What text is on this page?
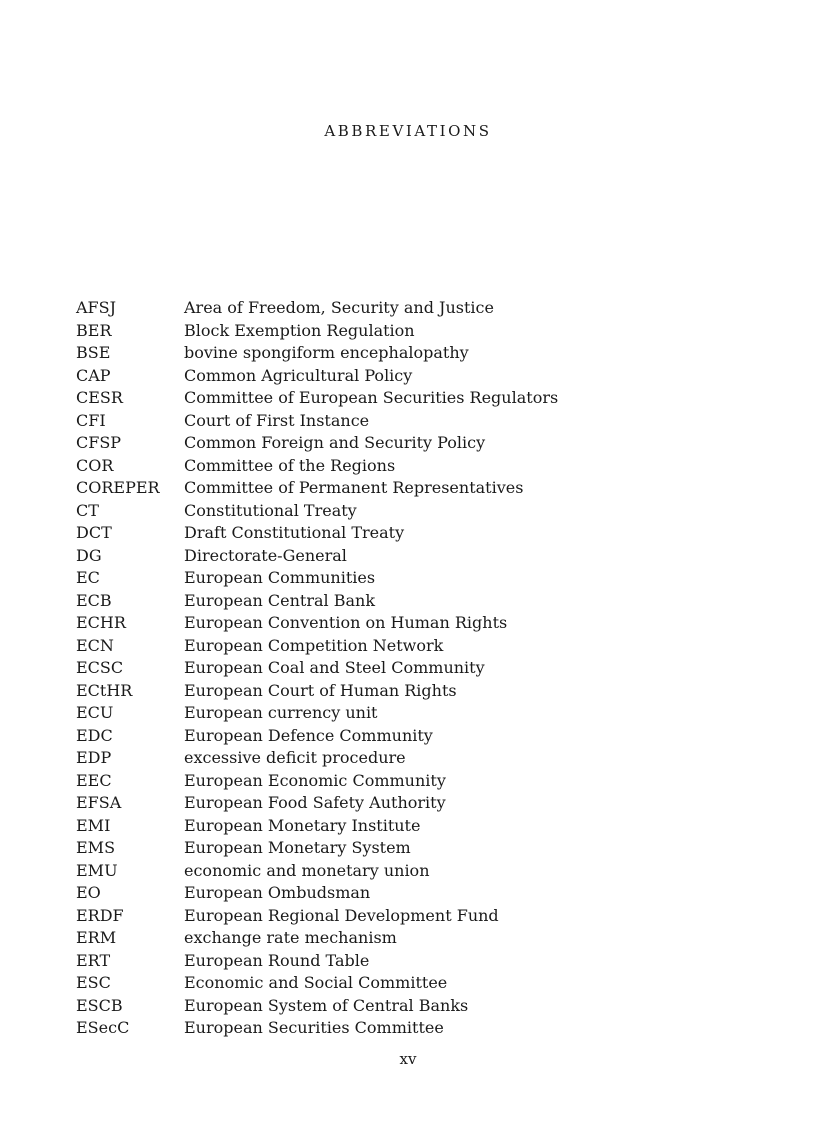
ABBREVIATIONS
AFSJ	Area of Freedom, Security and Justice
BER	Block Exemption Regulation
BSE	bovine spongiform encephalopathy
CAP	Common Agricultural Policy
CESR	Committee of European Securities Regulators
CFI	Court of First Instance
CFSP	Common Foreign and Security Policy
COR	Committee of the Regions
COREPER	Committee of Permanent Representatives
CT	Constitutional Treaty
DCT	Draft Constitutional Treaty
DG	Directorate-General
EC	European Communities
ECB	European Central Bank
ECHR	European Convention on Human Rights
ECN	European Competition Network
ECSC	European Coal and Steel Community
ECtHR	European Court of Human Rights
ECU	European currency unit
EDC	European Defence Community
EDP	excessive deficit procedure
EEC	European Economic Community
EFSA	European Food Safety Authority
EMI	European Monetary Institute
EMS	European Monetary System
EMU	economic and monetary union
EO	European Ombudsman
ERDF	European Regional Development Fund
ERM	exchange rate mechanism
ERT	European Round Table
ESC	Economic and Social Committee
ESCB	European System of Central Banks
ESecC	European Securities Committee
xv
